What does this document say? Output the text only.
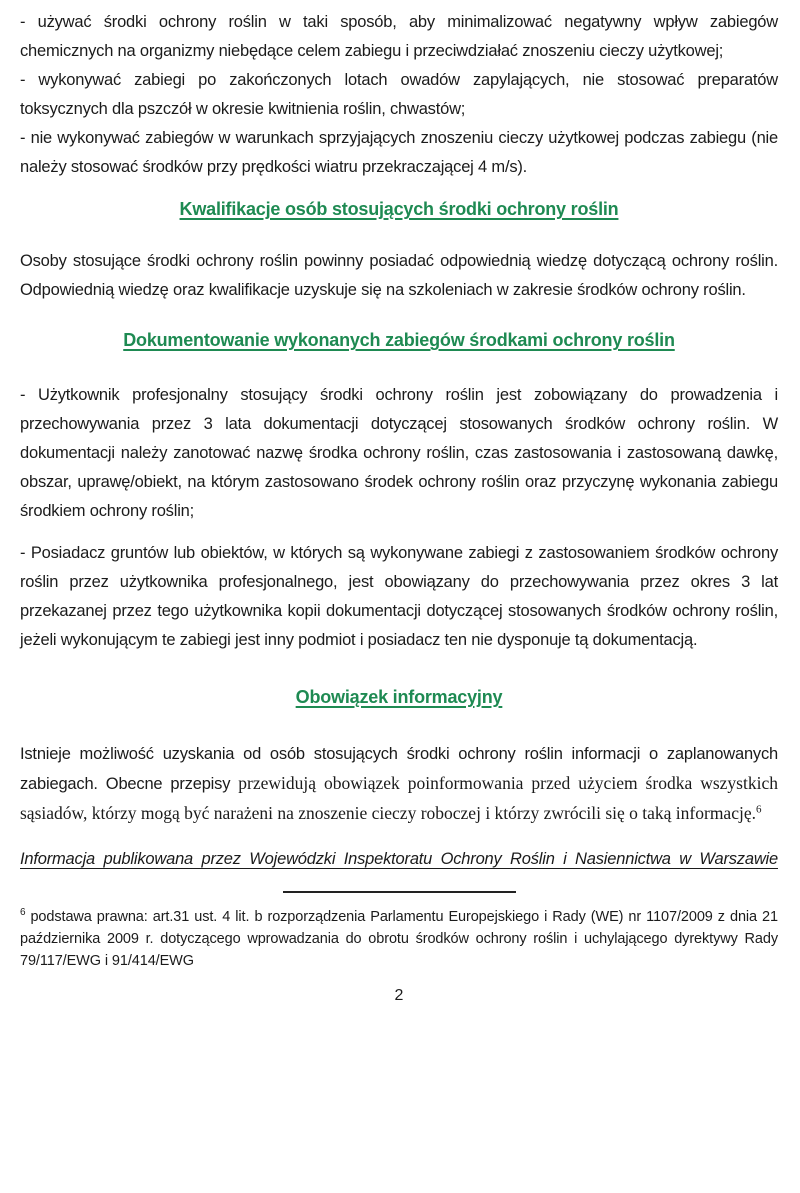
- używać środki ochrony roślin w taki sposób, aby minimalizować negatywny wpływ zabiegów chemicznych na organizmy niebędące celem zabiegu i przeciwdziałać znoszeniu cieczy użytkowej;

- wykonywać zabiegi po zakończonych lotach owadów zapylających, nie stosować preparatów toksycznych dla pszczół w okresie kwitnienia roślin, chwastów;

- nie wykonywać zabiegów w warunkach sprzyjających znoszeniu cieczy użytkowej podczas zabiegu (nie należy stosować środków przy prędkości wiatru przekraczającej 4 m/s).

Kwalifikacje osób stosujących środki ochrony roślin

Osoby stosujące środki ochrony roślin powinny posiadać odpowiednią wiedzę dotyczącą ochrony roślin. Odpowiednią wiedzę oraz kwalifikacje uzyskuje się na szkoleniach w zakresie środków ochrony roślin.

Dokumentowanie wykonanych zabiegów środkami ochrony roślin

- Użytkownik profesjonalny stosujący środki ochrony roślin jest zobowiązany do prowadzenia i przechowywania przez 3 lata dokumentacji dotyczącej stosowanych środków ochrony roślin. W dokumentacji należy zanotować nazwę środka ochrony roślin, czas zastosowania i zastosowaną dawkę, obszar, uprawę/obiekt, na którym zastosowano środek ochrony roślin oraz przyczynę wykonania zabiegu środkiem ochrony roślin;

- Posiadacz gruntów lub obiektów, w których są wykonywane zabiegi z zastosowaniem środków ochrony roślin przez użytkownika profesjonalnego, jest obowiązany do przechowywania przez okres 3 lat przekazanej przez tego użytkownika kopii dokumentacji dotyczącej stosowanych środków ochrony roślin, jeżeli wykonującym te zabiegi jest inny podmiot i posiadacz ten nie dysponuje tą dokumentacją.

Obowiązek informacyjny

Istnieje możliwość uzyskania od osób stosujących środki ochrony roślin informacji o zaplanowanych zabiegach. Obecne przepisy przewidują obowiązek poinformowania przed użyciem środka wszystkich sąsiadów, którzy mogą być narażeni na znoszenie cieczy roboczej i którzy zwrócili się o taką informację.$^6$

Informacja publikowana przez Wojewódzki Inspektoratu Ochrony Roślin i Nasiennictwa w Warszawie

$^6$ podstawa prawna: art.31 ust. 4 lit. b rozporządzenia Parlamentu Europejskiego i Rady (WE) nr 1107/2009 z dnia 21 października 2009 r. dotyczącego wprowadzania do obrotu środków ochrony roślin i uchylającego dyrektywy Rady 79/117/EWG i 91/414/EWG

2
